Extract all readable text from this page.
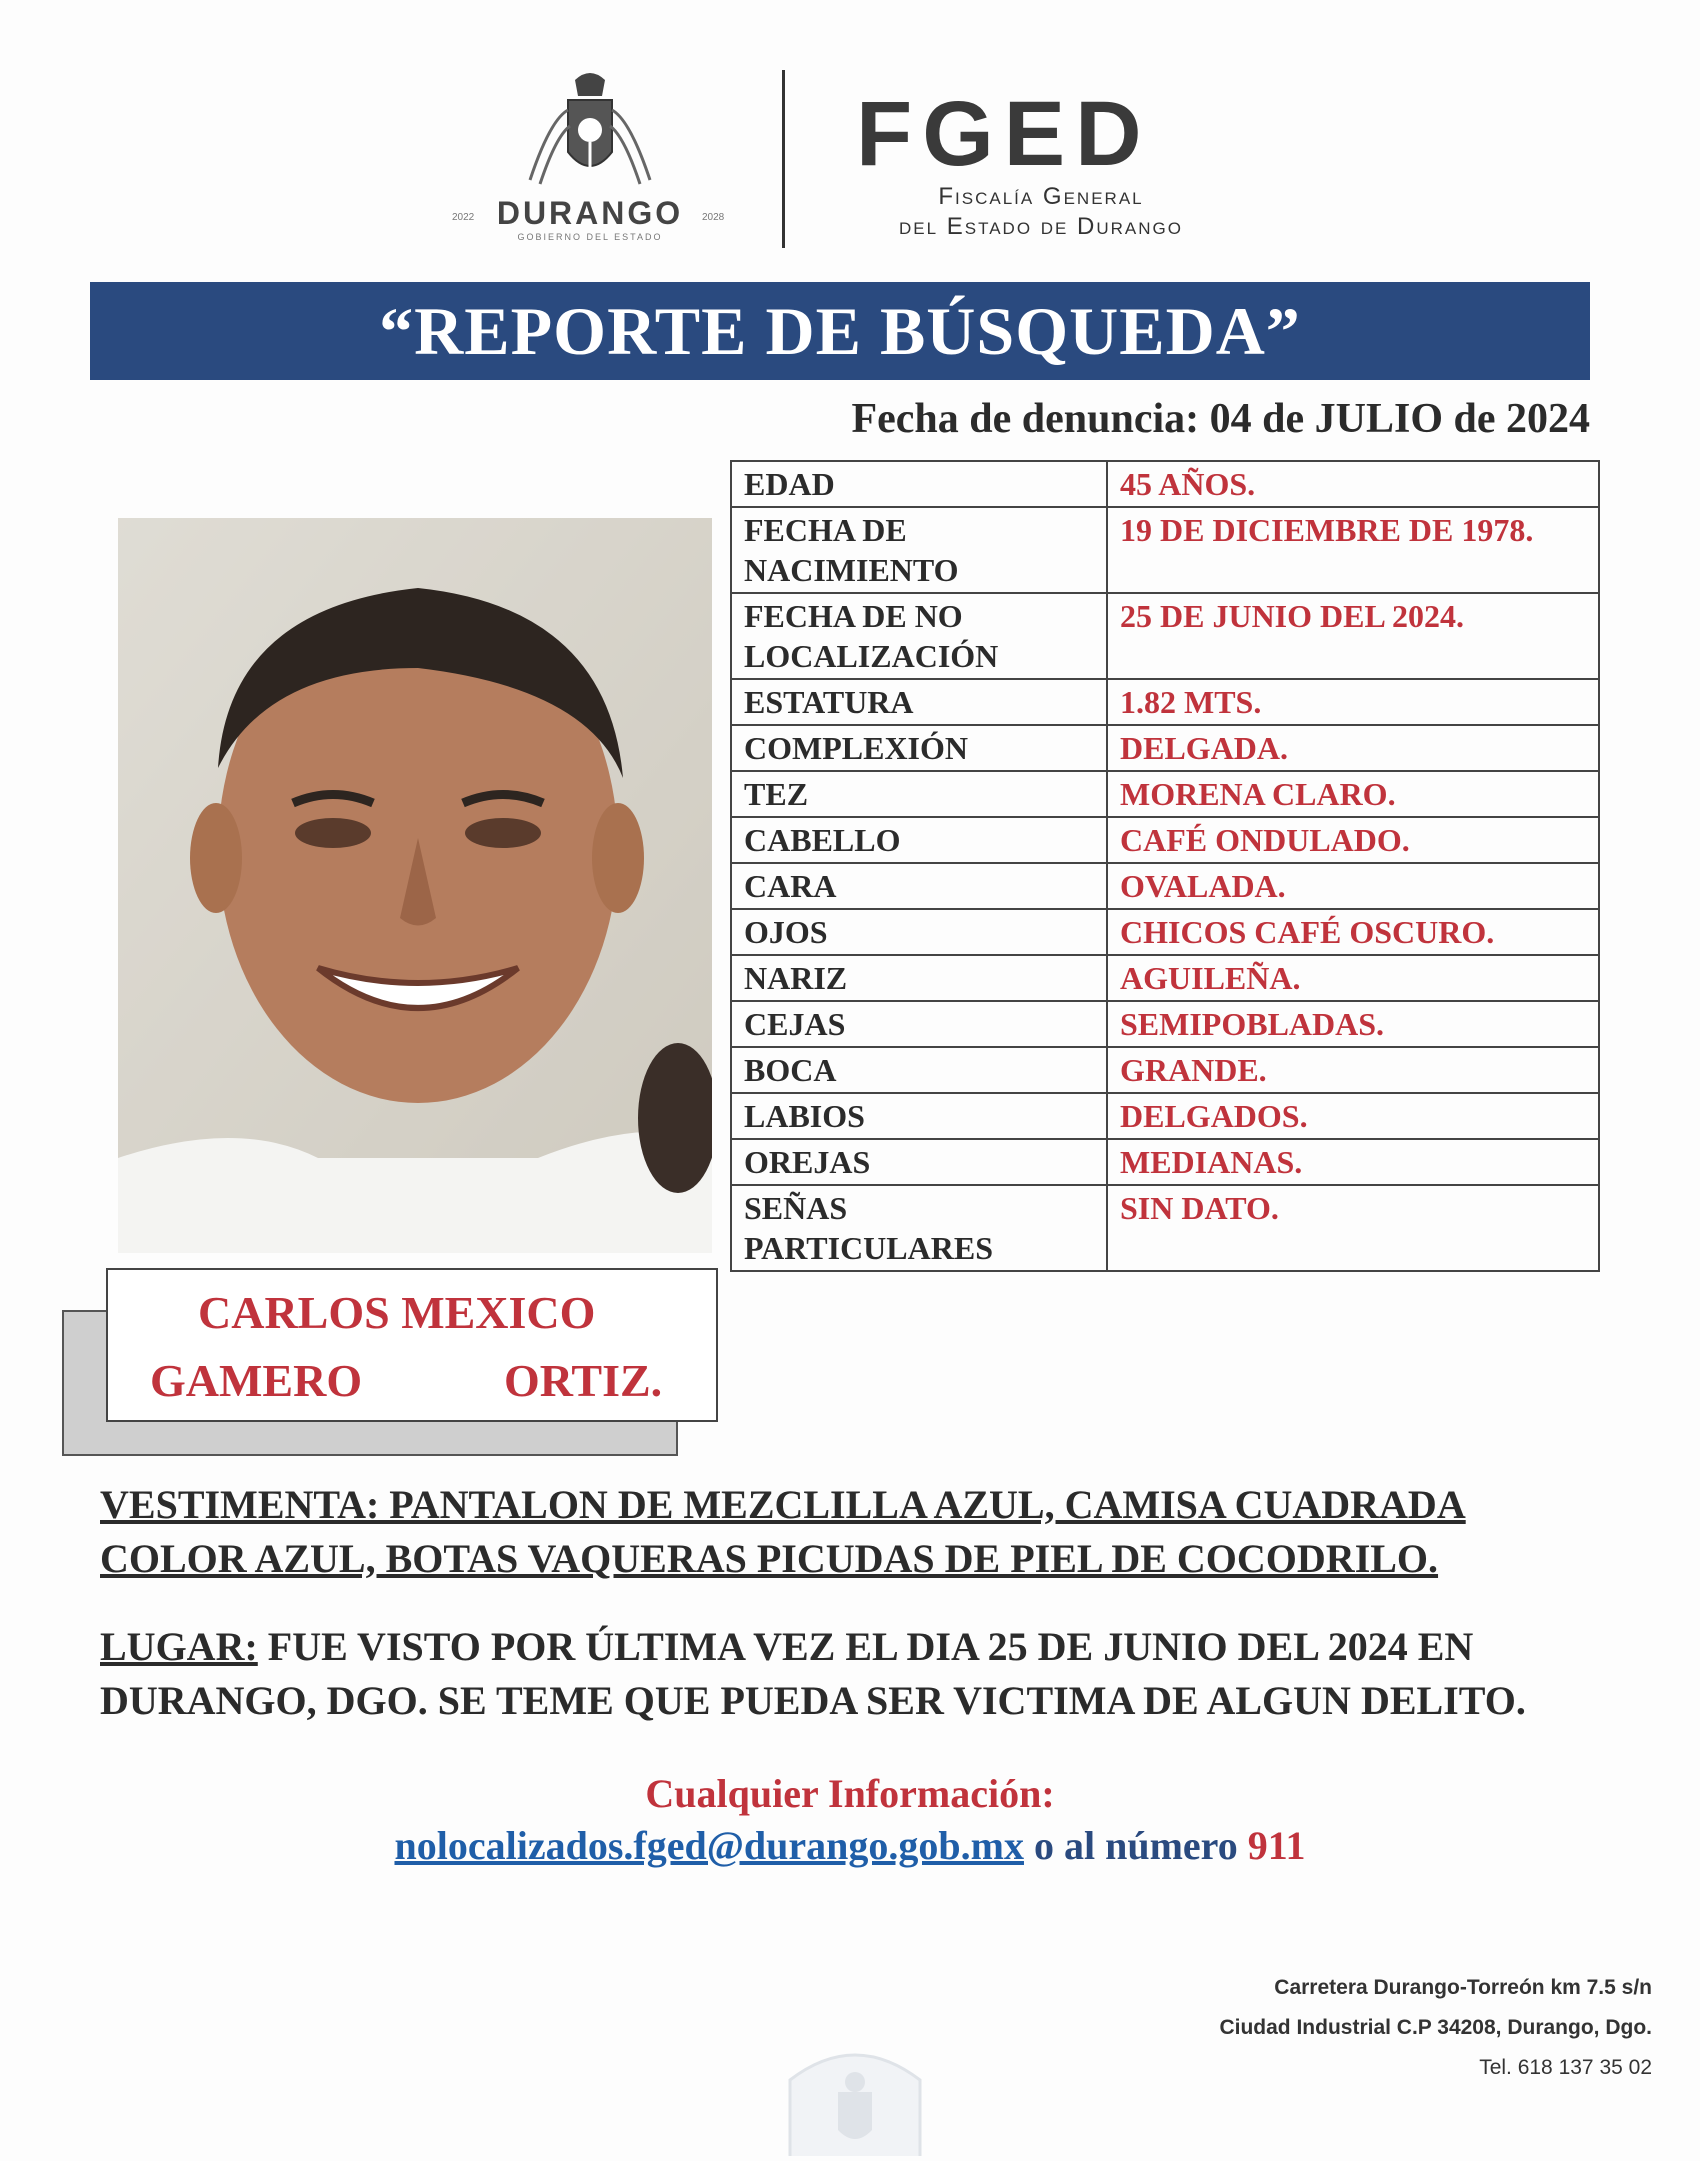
2022 DURANGO 2028
GOBIERNO DEL ESTADO
FGED
Fiscalía General
del Estado de Durango
“REPORTE DE BÚSQUEDA”
Fecha de denuncia: 04 de JULIO de 2024
EDAD	45 AÑOS.
FECHA DE NACIMIENTO	19 DE DICIEMBRE DE 1978.
FECHA DE NO LOCALIZACIÓN	25 DE JUNIO DEL 2024.
ESTATURA	1.82 MTS.
COMPLEXIÓN	DELGADA.
TEZ	MORENA CLARO.
CABELLO	CAFÉ ONDULADO.
CARA	OVALADA.
OJOS	CHICOS CAFÉ OSCURO.
NARIZ	AGUILEÑA.
CEJAS	SEMIPOBLADAS.
BOCA	GRANDE.
LABIOS	DELGADOS.
OREJAS	MEDIANAS.
SEÑAS PARTICULARES	SIN DATO.
CARLOS MEXICO
GAMERO	ORTIZ.
VESTIMENTA: PANTALON DE MEZCLILLA AZUL, CAMISA CUADRADA COLOR AZUL, BOTAS VAQUERAS PICUDAS DE PIEL DE COCODRILO.
LUGAR: FUE VISTO POR ÚLTIMA VEZ EL DIA 25 DE JUNIO DEL 2024 EN DURANGO, DGO. SE TEME QUE PUEDA SER VICTIMA DE ALGUN DELITO.
Cualquier Información:
nolocalizados.fged@durango.gob.mx o al número 911
Carretera Durango-Torreón km 7.5 s/n
Ciudad Industrial C.P 34208, Durango, Dgo.
Tel. 618 137 35 02
